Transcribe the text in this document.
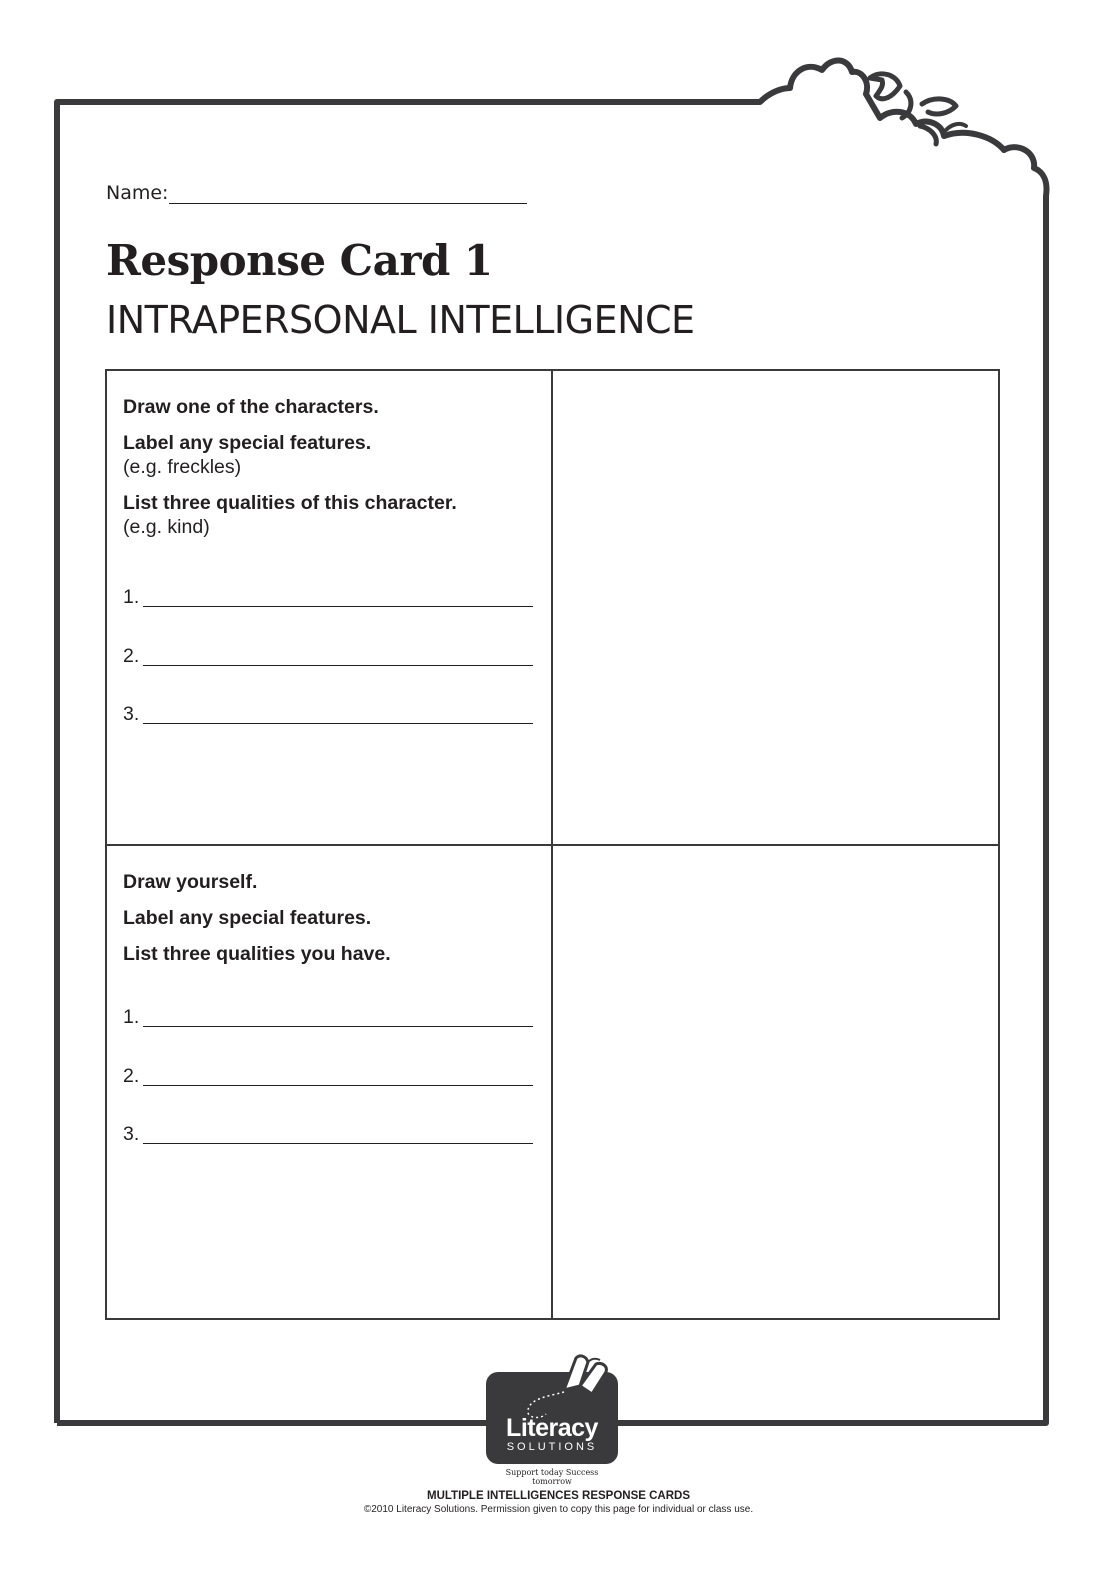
Name:
Response Card 1
INTRAPERSONAL INTELLIGENCE

Draw one of the characters.

Label any special features.

(e.g. freckles)

List three qualities of this character.

(e.g. kind)

1.
2.
3.

Draw yourself.

Label any special features.

List three qualities you have.

1.
2.
3.
Literacy
SOLUTIONS
Support today Success tomorrow
MULTIPLE INTELLIGENCES RESPONSE CARDS
©2010 Literacy Solutions. Permission given to copy this page for individual or class use.
